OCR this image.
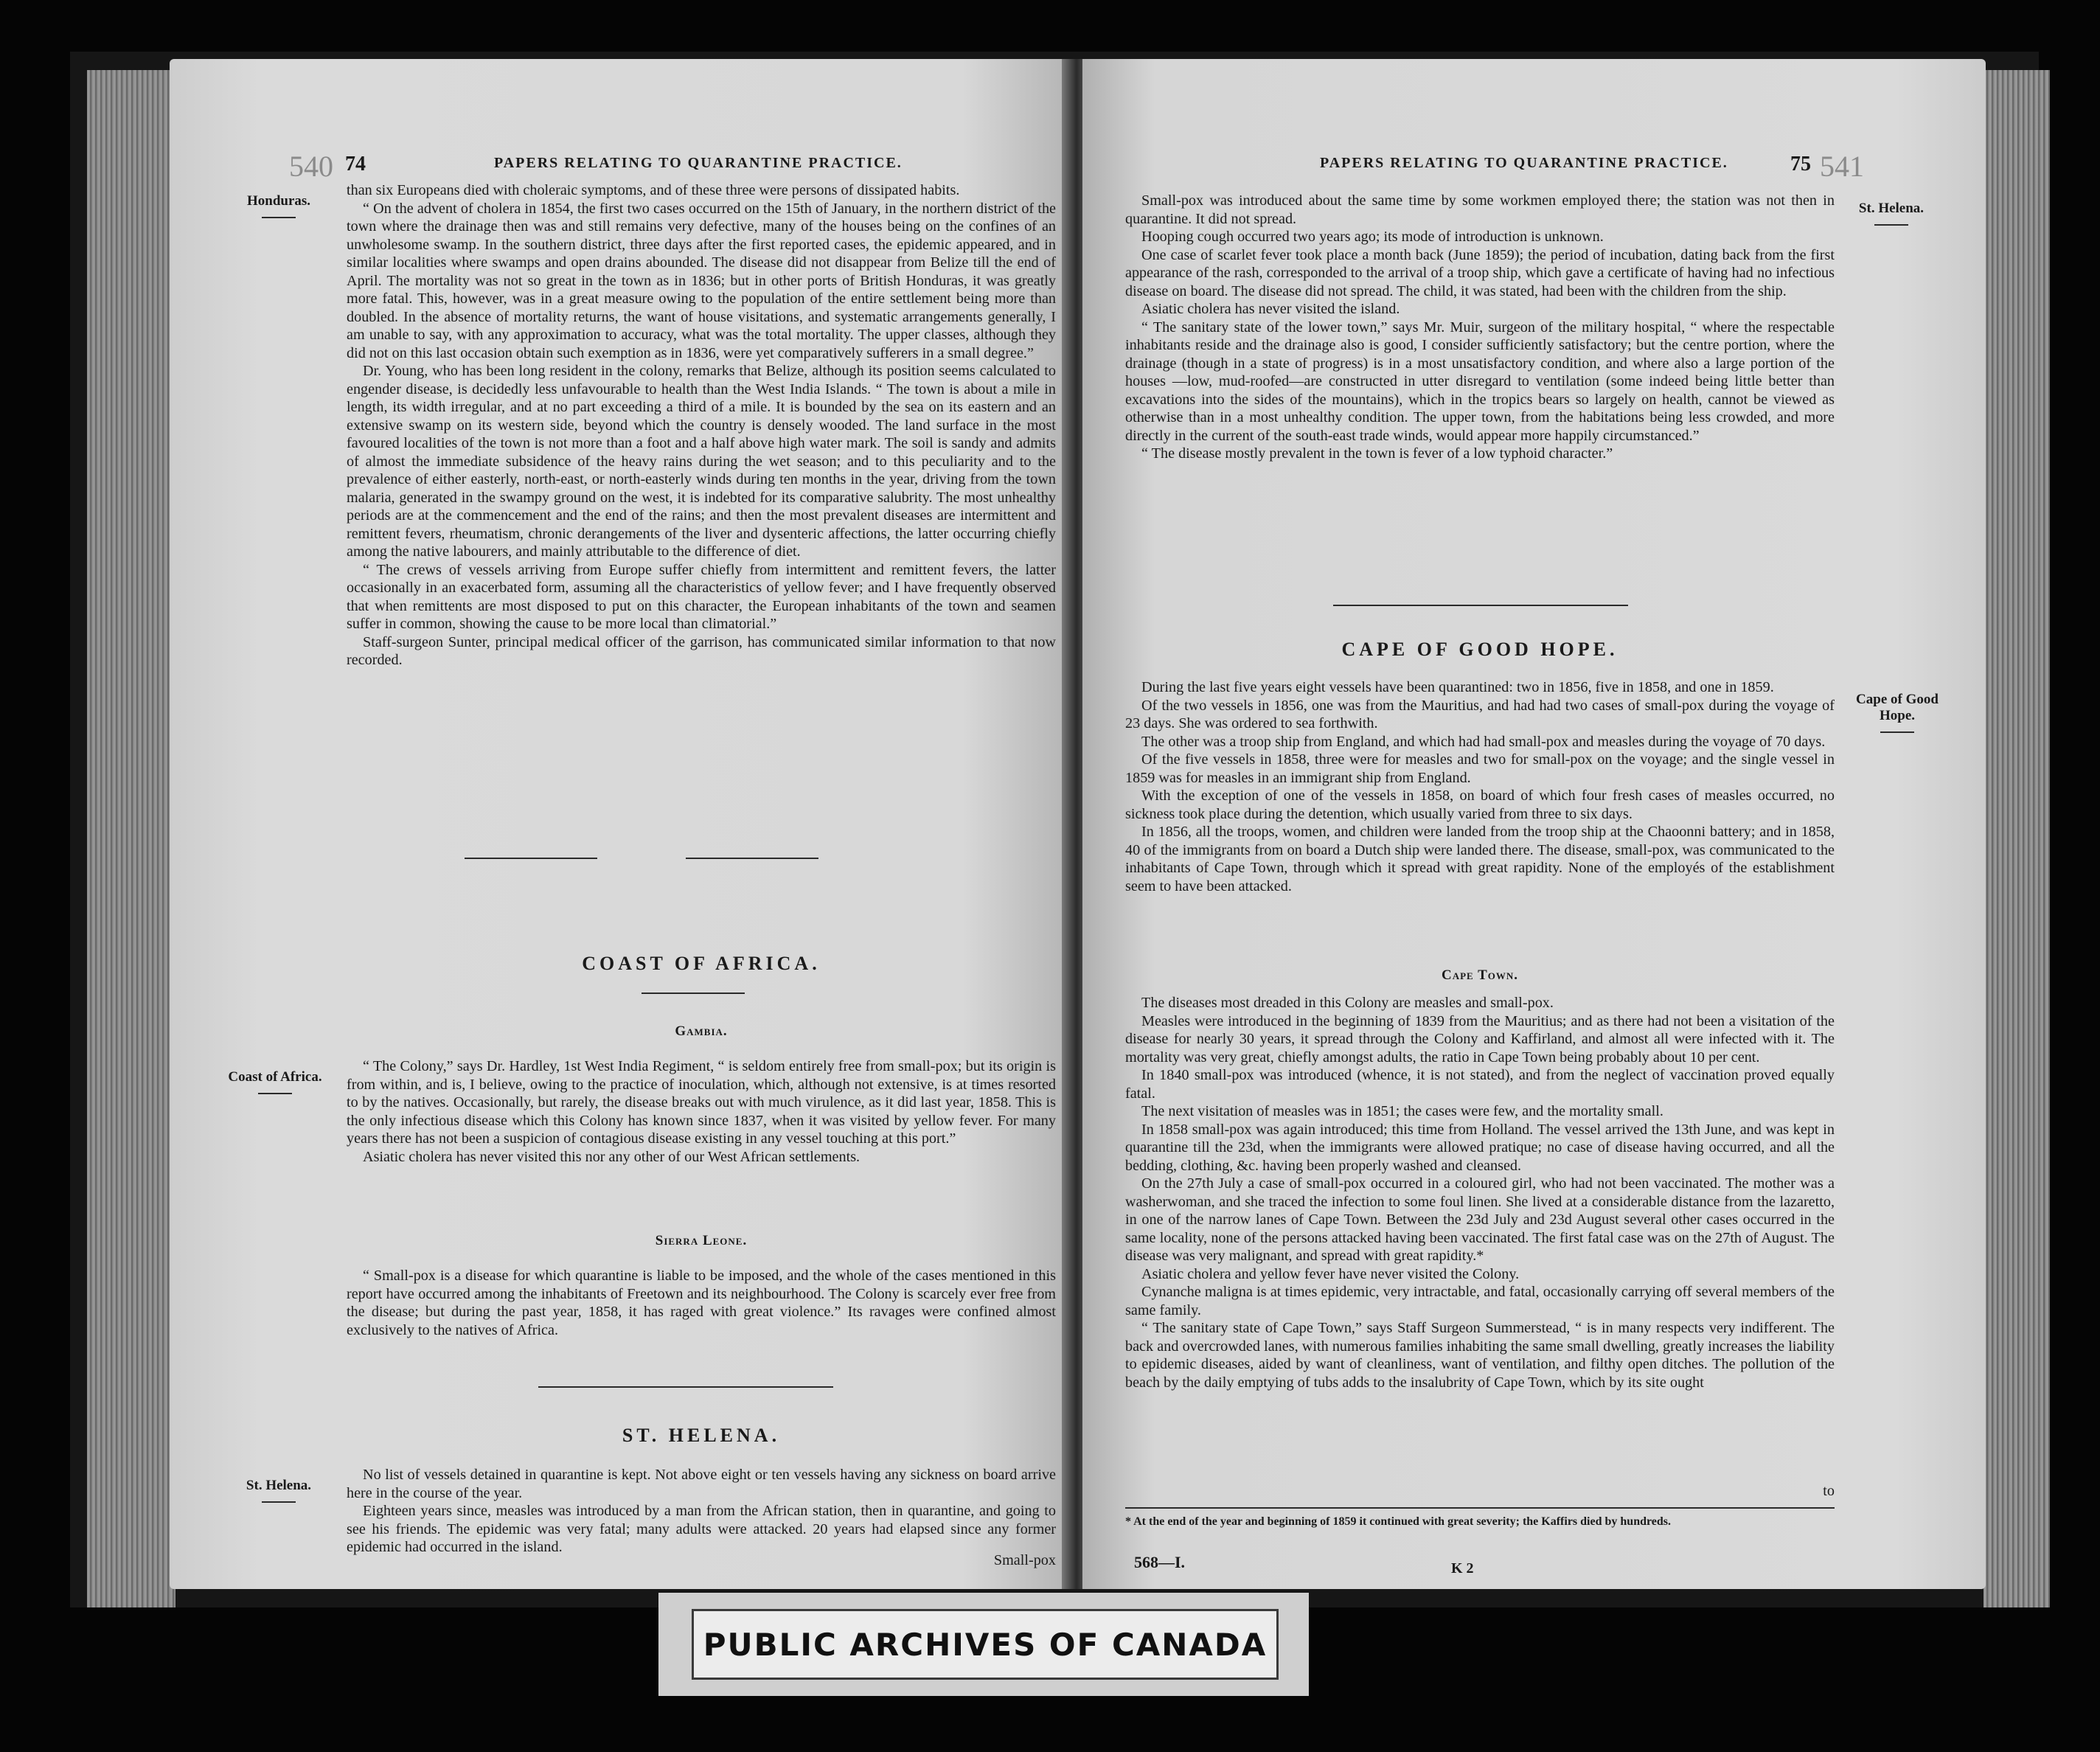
540 74	PAPERS RELATING TO QUARANTINE PRACTICE.
Honduras.

than six Europeans died with choleraic symptoms, and of these three were persons of dissipated habits.

“ On the advent of cholera in 1854, the first two cases occurred on the 15th of January, in the northern district of the town where the drainage then was and still remains very defective, many of the houses being on the confines of an unwholesome swamp. In the southern district, three days after the first reported cases, the epidemic appeared, and in similar localities where swamps and open drains abounded. The disease did not disappear from Belize till the end of April. The mortality was not so great in the town as in 1836; but in other ports of British Honduras, it was greatly more fatal. This, however, was in a great measure owing to the population of the entire settlement being more than doubled. In the absence of mortality returns, the want of house visitations, and systematic arrangements generally, I am unable to say, with any approximation to accuracy, what was the total mortality. The upper classes, although they did not on this last occasion obtain such exemption as in 1836, were yet comparatively sufferers in a small degree.”

Dr. Young, who has been long resident in the colony, remarks that Belize, although its position seems calculated to engender disease, is decidedly less unfavourable to health than the West India Islands. “ The town is about a mile in length, its width irregular, and at no part exceeding a third of a mile. It is bounded by the sea on its eastern and an extensive swamp on its western side, beyond which the country is densely wooded. The land surface in the most favoured localities of the town is not more than a foot and a half above high water mark. The soil is sandy and admits of almost the immediate subsidence of the heavy rains during the wet season; and to this peculiarity and to the prevalence of either easterly, north-east, or north-easterly winds during ten months in the year, driving from the town malaria, generated in the swampy ground on the west, it is indebted for its comparative salubrity. The most unhealthy periods are at the commencement and the end of the rains; and then the most prevalent diseases are intermittent and remittent fevers, rheumatism, chronic derangements of the liver and dysenteric affections, the latter occurring chiefly among the native labourers, and mainly attributable to the difference of diet.

“ The crews of vessels arriving from Europe suffer chiefly from intermittent and remittent fevers, the latter occasionally in an exacerbated form, assuming all the characteristics of yellow fever; and I have frequently observed that when remittents are most disposed to put on this character, the European inhabitants of the town and seamen suffer in common, showing the cause to be more local than climatorial.”

Staff-surgeon Sunter, principal medical officer of the garrison, has communicated similar information to that now recorded.

COAST OF AFRICA.
Gambia.
Coast of Africa.

“ The Colony,” says Dr. Hardley, 1st West India Regiment, “ is seldom entirely free from small-pox; but its origin is from within, and is, I believe, owing to the practice of inoculation, which, although not extensive, is at times resorted to by the natives. Occasionally, but rarely, the disease breaks out with much virulence, as it did last year, 1858. This is the only infectious disease which this Colony has known since 1837, when it was visited by yellow fever. For many years there has not been a suspicion of contagious disease existing in any vessel touching at this port.”

Asiatic cholera has never visited this nor any other of our West African settlements.

Sierra Leone.

“ Small-pox is a disease for which quarantine is liable to be imposed, and the whole of the cases mentioned in this report have occurred among the inhabitants of Freetown and its neighbourhood. The Colony is scarcely ever free from the disease; but during the past year, 1858, it has raged with great violence.” Its ravages were confined almost exclusively to the natives of Africa.

ST. HELENA.
St. Helena.

No list of vessels detained in quarantine is kept. Not above eight or ten vessels having any sickness on board arrive here in the course of the year.

Eighteen years since, measles was introduced by a man from the African station, then in quarantine, and going to see his friends. The epidemic was very fatal; many adults were attacked. 20 years had elapsed since any former epidemic had occurred in the island.

Small-pox
PAPERS RELATING TO QUARANTINE PRACTICE.	75 541
St. Helena.

Small-pox was introduced about the same time by some workmen employed there; the station was not then in quarantine. It did not spread.

Hooping cough occurred two years ago; its mode of introduction is unknown.

One case of scarlet fever took place a month back (June 1859); the period of incubation, dating back from the first appearance of the rash, corresponded to the arrival of a troop ship, which gave a certificate of having had no infectious disease on board. The disease did not spread. The child, it was stated, had been with the children from the ship.

Asiatic cholera has never visited the island.

“ The sanitary state of the lower town,” says Mr. Muir, surgeon of the military hospital, “ where the respectable inhabitants reside and the drainage also is good, I consider sufficiently satisfactory; but the centre portion, where the drainage (though in a state of progress) is in a most unsatisfactory condition, and where also a large portion of the houses —low, mud-roofed—are constructed in utter disregard to ventilation (some indeed being little better than excavations into the sides of the mountains), which in the tropics bears so largely on health, cannot be viewed as otherwise than in a most unhealthy condition. The upper town, from the habitations being less crowded, and more directly in the current of the south-east trade winds, would appear more happily circumstanced.”

“ The disease mostly prevalent in the town is fever of a low typhoid character.”

CAPE OF GOOD HOPE.
Cape of Good Hope.

During the last five years eight vessels have been quarantined: two in 1856, five in 1858, and one in 1859.

Of the two vessels in 1856, one was from the Mauritius, and had had two cases of small-pox during the voyage of 23 days. She was ordered to sea forthwith.

The other was a troop ship from England, and which had had small-pox and measles during the voyage of 70 days.

Of the five vessels in 1858, three were for measles and two for small-pox on the voyage; and the single vessel in 1859 was for measles in an immigrant ship from England.

With the exception of one of the vessels in 1858, on board of which four fresh cases of measles occurred, no sickness took place during the detention, which usually varied from three to six days.

In 1856, all the troops, women, and children were landed from the troop ship at the Chaoonni battery; and in 1858, 40 of the immigrants from on board a Dutch ship were landed there. The disease, small-pox, was communicated to the inhabitants of Cape Town, through which it spread with great rapidity. None of the employés of the establishment seem to have been attacked.

Cape Town.

The diseases most dreaded in this Colony are measles and small-pox.

Measles were introduced in the beginning of 1839 from the Mauritius; and as there had not been a visitation of the disease for nearly 30 years, it spread through the Colony and Kaffirland, and almost all were infected with it. The mortality was very great, chiefly amongst adults, the ratio in Cape Town being probably about 10 per cent.

In 1840 small-pox was introduced (whence, it is not stated), and from the neglect of vaccination proved equally fatal.

The next visitation of measles was in 1851; the cases were few, and the mortality small.

In 1858 small-pox was again introduced; this time from Holland. The vessel arrived the 13th June, and was kept in quarantine till the 23d, when the immigrants were allowed pratique; no case of disease having occurred, and all the bedding, clothing, &c. having been properly washed and cleansed.

On the 27th July a case of small-pox occurred in a coloured girl, who had not been vaccinated. The mother was a washerwoman, and she traced the infection to some foul linen. She lived at a considerable distance from the lazaretto, in one of the narrow lanes of Cape Town. Between the 23d July and 23d August several other cases occurred in the same locality, none of the persons attacked having been vaccinated. The first fatal case was on the 27th of August. The disease was very malignant, and spread with great rapidity.*

Asiatic cholera and yellow fever have never visited the Colony.

Cynanche maligna is at times epidemic, very intractable, and fatal, occasionally carrying off several members of the same family.

“ The sanitary state of Cape Town,” says Staff Surgeon Summerstead, “ is in many respects very indifferent. The back and overcrowded lanes, with numerous families inhabiting the same small dwelling, greatly increases the liability to epidemic diseases, aided by want of cleanliness, want of ventilation, and filthy open ditches. The pollution of the beach by the daily emptying of tubs adds to the insalubrity of Cape Town, which by its site ought

to
* At the end of the year and beginning of 1859 it continued with great severity; the Kaffirs died by hundreds.
568—I.	K 2
PUBLIC ARCHIVES OF CANADA
